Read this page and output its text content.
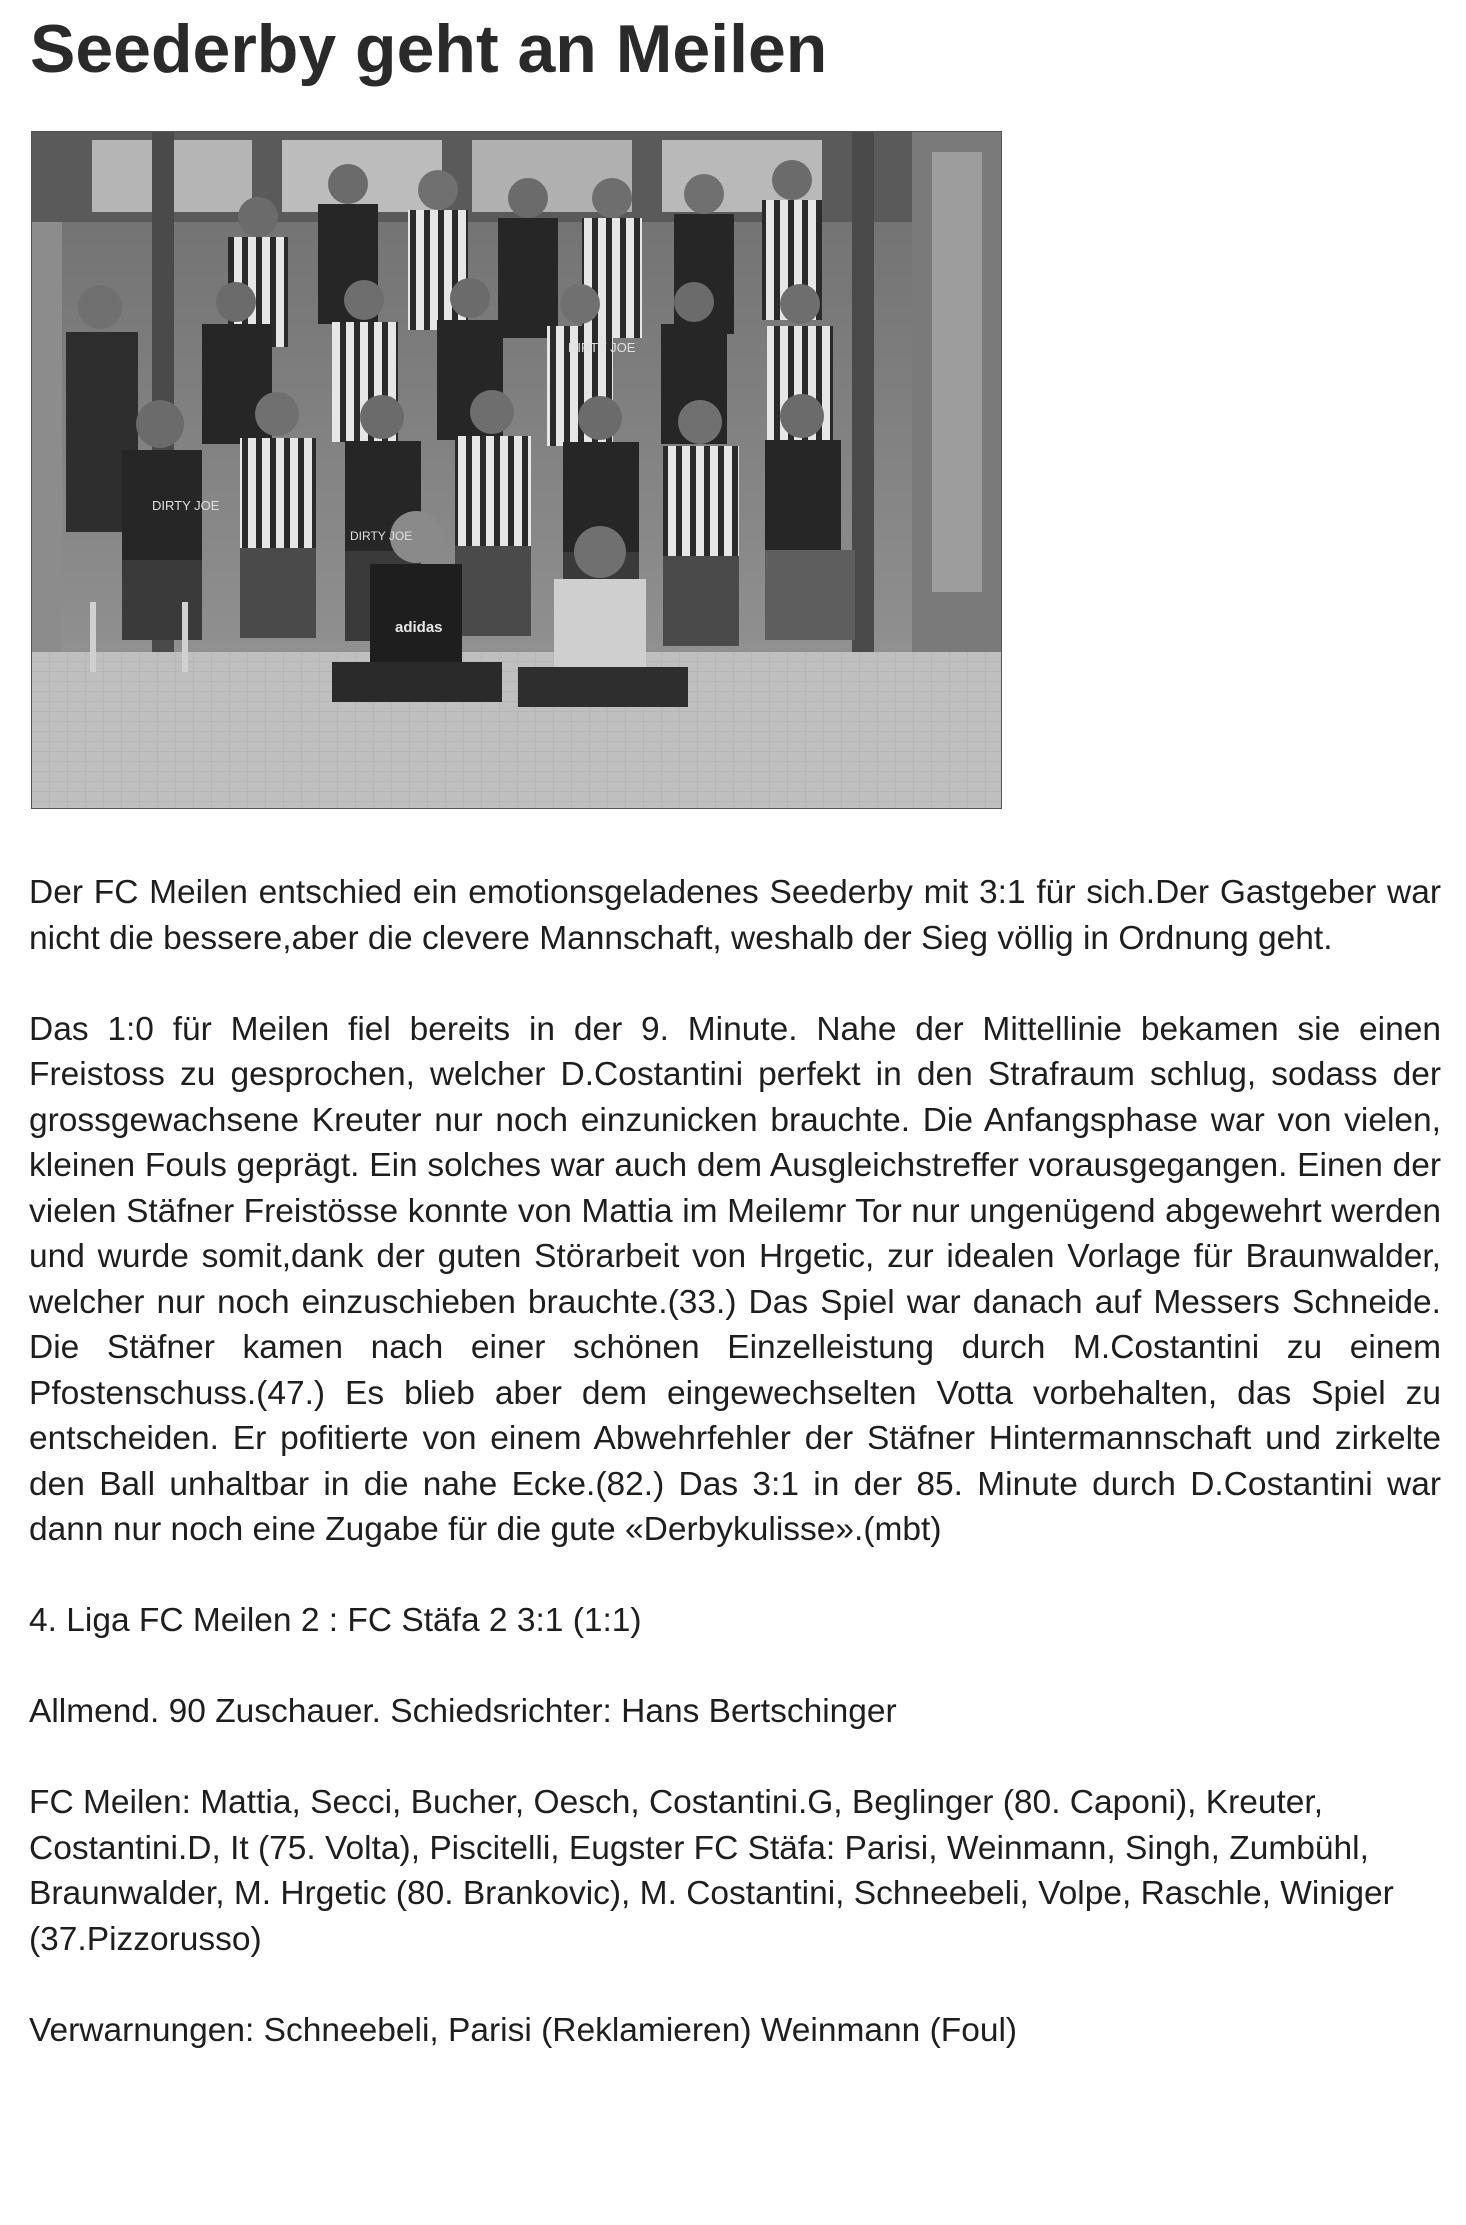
Seederby geht an Meilen
DIRTY JOE
DIRTY JOE
DIRTY JOE
adidas

Der FC Meilen entschied ein emotionsgeladenes Seederby mit 3:1 für sich.Der Gastgeber war nicht die bessere,aber die clevere Mannschaft, weshalb der Sieg völlig in Ordnung geht.

Das 1:0 für Meilen fiel bereits in der 9. Minute. Nahe der Mittellinie bekamen sie einen Freistoss zu gesprochen, welcher D.Costantini perfekt in den Strafraum schlug, sodass der grossgewachsene Kreuter nur noch einzunicken brauchte. Die Anfangsphase war von vielen, kleinen Fouls geprägt. Ein solches war auch dem Ausgleichstreffer vorausgegangen. Einen der vielen Stäfner Freistösse konnte von Mattia im Meilemr Tor nur ungenügend abgewehrt werden und wurde somit,dank der guten Störarbeit von Hrgetic, zur idealen Vorlage für Braunwalder, welcher nur noch einzuschieben brauchte.(33.) Das Spiel war danach auf Messers Schneide. Die Stäfner kamen nach einer schönen Einzelleistung durch M.Costantini zu einem Pfostenschuss.(47.) Es blieb aber dem eingewechselten Votta vorbehalten, das Spiel zu entscheiden. Er pofitierte von einem Abwehrfehler der Stäfner Hintermannschaft und zirkelte den Ball unhaltbar in die nahe Ecke.(82.) Das 3:1 in der 85. Minute durch D.Costantini war dann nur noch eine Zugabe für die gute «Derbykulisse».(mbt)

4. Liga FC Meilen 2 : FC Stäfa 2 3:1 (1:1)

Allmend. 90 Zuschauer. Schiedsrichter: Hans Bertschinger

FC Meilen: Mattia, Secci, Bucher, Oesch, Costantini.G, Beglinger (80. Caponi), Kreuter, Costantini.D, It (75. Volta), Piscitelli, Eugster FC Stäfa: Parisi, Weinmann, Singh, Zumbühl, Braunwalder, M. Hrgetic (80. Brankovic), M. Costantini, Schneebeli, Volpe, Raschle, Winiger (37.Pizzorusso)

Verwarnungen: Schneebeli, Parisi (Reklamieren) Weinmann (Foul)
